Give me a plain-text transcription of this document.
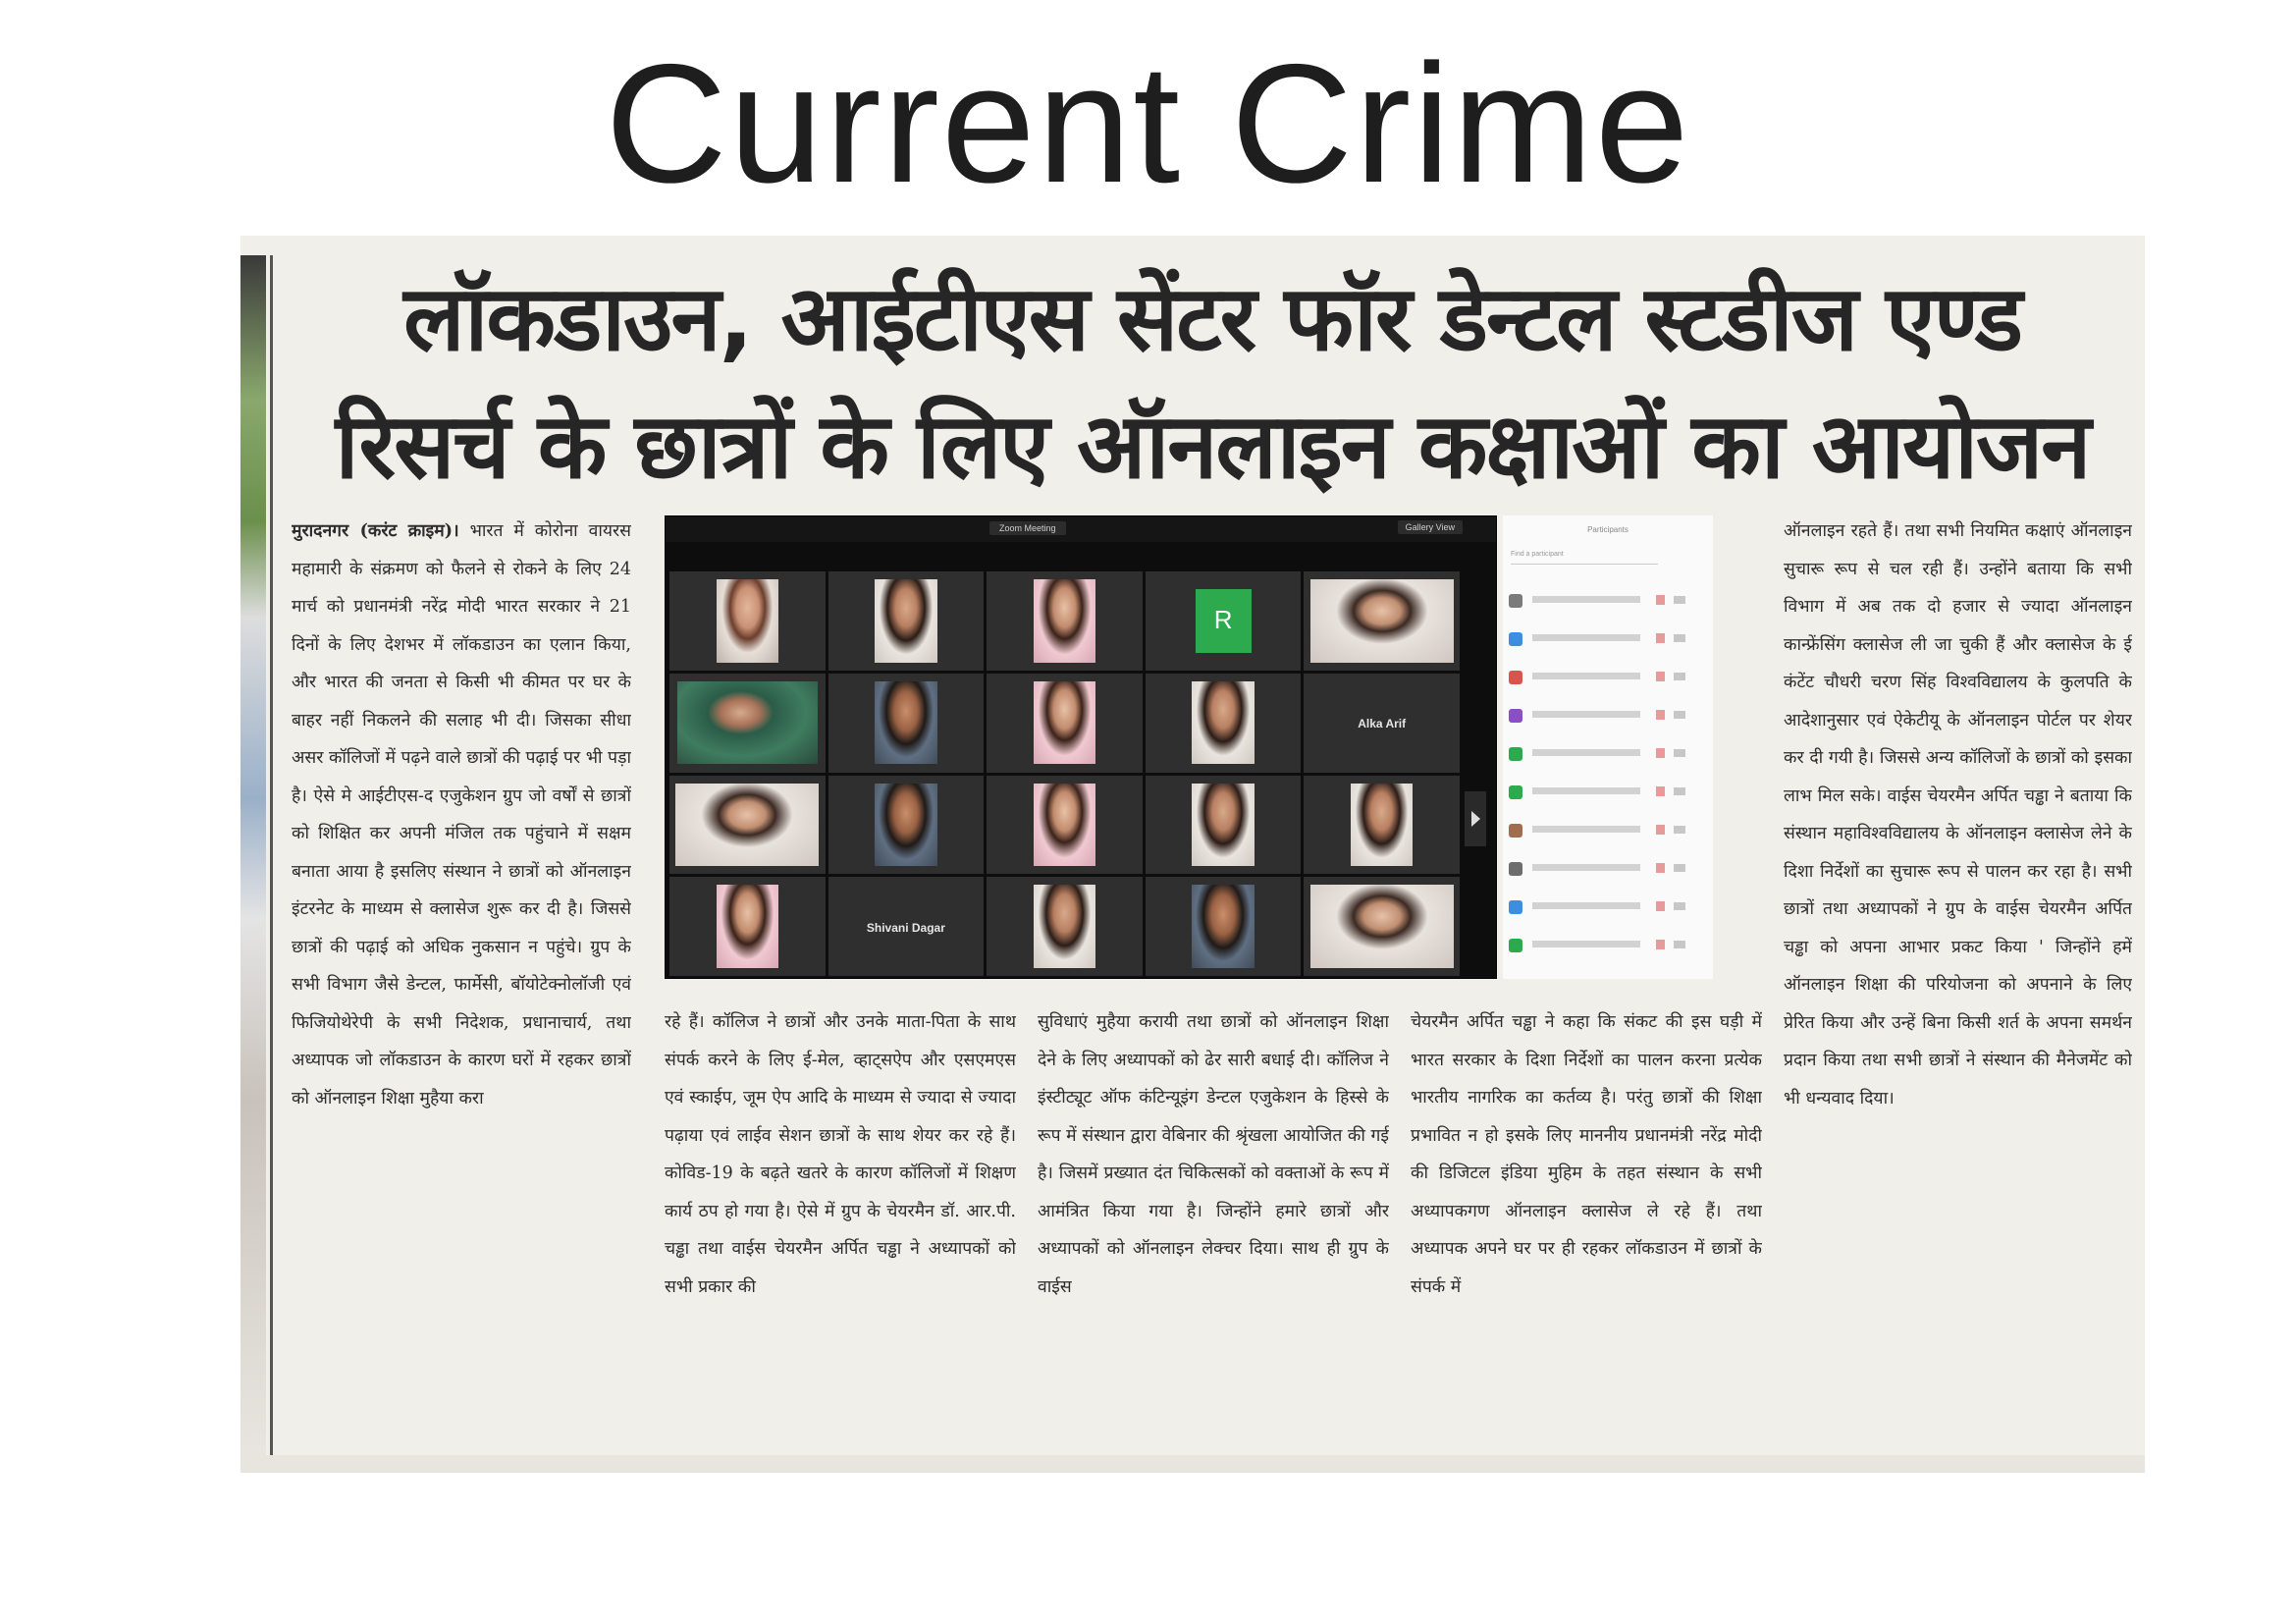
Current Crime
लॉकडाउन, आईटीएस सेंटर फॉर डेन्टल स्टडीज एण्ड
रिसर्च के छात्रों के लिए ऑनलाइन कक्षाओं का आयोजन
मुरादनगर (करंट क्राइम)। भारत में कोरोना वायरस महामारी के संक्रमण को फैलने से रोकने के लिए 24 मार्च को प्रधानमंत्री नरेंद्र मोदी भारत सरकार ने 21 दिनों के लिए देशभर में लॉकडाउन का एलान किया, और भारत की जनता से किसी भी कीमत पर घर के बाहर नहीं निकलने की सलाह भी दी। जिसका सीधा असर कॉलिजों में पढ़ने वाले छात्रों की पढ़ाई पर भी पड़ा है। ऐसे मे आईटीएस-द एजुकेशन ग्रुप जो वर्षों से छात्रों को शिक्षित कर अपनी मंजिल तक पहुंचाने में सक्षम बनाता आया है इसलिए संस्थान ने छात्रों को ऑनलाइन इंटरनेट के माध्यम से क्लासेज शुरू कर दी है। जिससे छात्रों की पढ़ाई को अधिक नुकसान न पहुंचे। ग्रुप के सभी विभाग जैसे डेन्टल, फार्मेसी, बॉयोटेक्नोलॉजी एवं फिजियोथेरेपी के सभी निदेशक, प्रधानाचार्य, तथा अध्यापक जो लॉकडाउन के कारण घरों में रहकर छात्रों को ऑनलाइन शिक्षा मुहैया करा
Zoom Meeting	Gallery View
R
Alka Arif
Shivani Dagar
Participants
Find a participant
रहे हैं। कॉलिज ने छात्रों और उनके माता-पिता के साथ संपर्क करने के लिए ई-मेल, व्हाट्सऐप और एसएमएस एवं स्काईप, जूम ऐप आदि के माध्यम से ज्यादा से ज्यादा पढ़ाया एवं लाईव सेशन छात्रों के साथ शेयर कर रहे हैं। कोविड-19 के बढ़ते खतरे के कारण कॉलिजों में शिक्षण कार्य ठप हो गया है। ऐसे में ग्रुप के चेयरमैन डॉ. आर.पी. चड्ढा तथा वाईस चेयरमैन अर्पित चड्ढा ने अध्यापकों को सभी प्रकार की
सुविधाएं मुहैया करायी तथा छात्रों को ऑनलाइन शिक्षा देने के लिए अध्यापकों को ढेर सारी बधाई दी। कॉलिज ने इंस्टीट्यूट ऑफ कंटिन्यूइंग डेन्टल एजुकेशन के हिस्से के रूप में संस्थान द्वारा वेबिनार की श्रृंखला आयोजित की गई है। जिसमें प्रख्यात दंत चिकित्सकों को वक्ताओं के रूप में आमंत्रित किया गया है। जिन्होंने हमारे छात्रों और अध्यापकों को ऑनलाइन लेक्चर दिया। साथ ही ग्रुप के वाईस
चेयरमैन अर्पित चड्ढा ने कहा कि संकट की इस घड़ी में भारत सरकार के दिशा निर्देशों का पालन करना प्रत्येक भारतीय नागरिक का कर्तव्य है। परंतु छात्रों की शिक्षा प्रभावित न हो इसके लिए माननीय प्रधानमंत्री नरेंद्र मोदी की डिजिटल इंडिया मुहिम के तहत संस्थान के सभी अध्यापकगण ऑनलाइन क्लासेज ले रहे हैं। तथा अध्यापक अपने घर पर ही रहकर लॉकडाउन में छात्रों के संपर्क में
ऑनलाइन रहते हैं। तथा सभी नियमित कक्षाएं ऑनलाइन सुचारू रूप से चल रही हैं। उन्होंने बताया कि सभी विभाग में अब तक दो हजार से ज्यादा ऑनलाइन कान्फ्रेंसिंग क्लासेज ली जा चुकी हैं और क्लासेज के ई कंटेंट चौधरी चरण सिंह विश्वविद्यालय के कुलपति के आदेशानुसार एवं ऐकेटीयू के ऑनलाइन पोर्टल पर शेयर कर दी गयी है। जिससे अन्य कॉलिजों के छात्रों को इसका लाभ मिल सके। वाईस चेयरमैन अर्पित चड्ढा ने बताया कि संस्थान महाविश्वविद्यालय के ऑनलाइन क्लासेज लेने के दिशा निर्देशों का सुचारू रूप से पालन कर रहा है। सभी छात्रों तथा अध्यापकों ने ग्रुप के वाईस चेयरमैन अर्पित चड्ढा को अपना आभार प्रकट किया ' जिन्होंने हमें ऑनलाइन शिक्षा की परियोजना को अपनाने के लिए प्रेरित किया और उन्हें बिना किसी शर्त के अपना समर्थन प्रदान किया तथा सभी छात्रों ने संस्थान की मैनेजमेंट को भी धन्यवाद दिया।
